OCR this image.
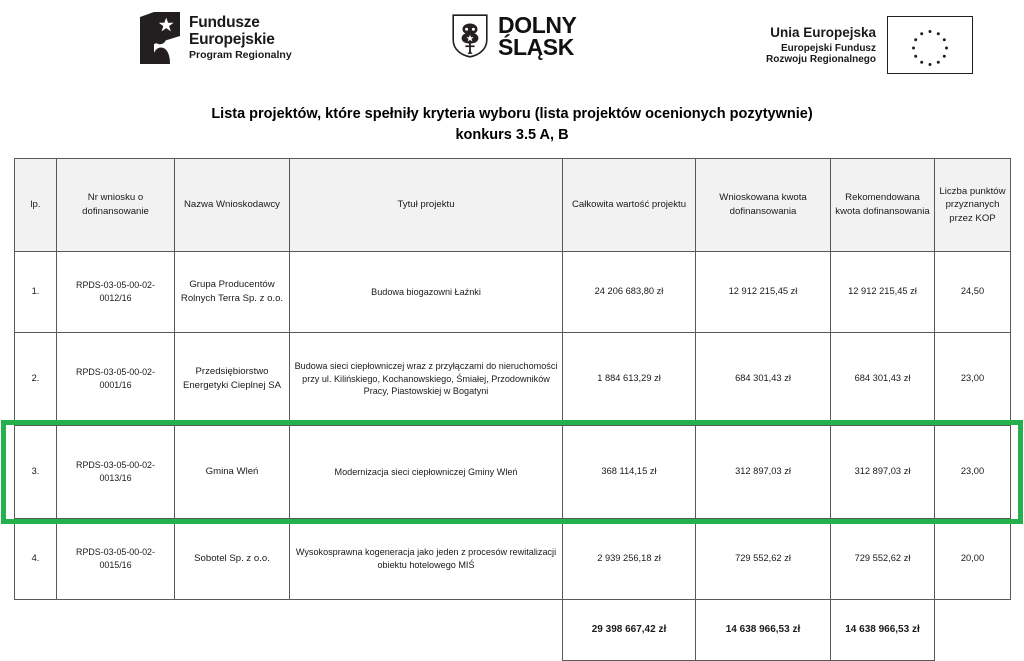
Fundusze
Europejskie
Program Regionalny
DOLNY
ŚLĄSK
Unia Europejska
Europejski Fundusz
Rozwoju Regionalnego
Lista projektów, które spełniły kryteria wyboru (lista projektów ocenionych pozytywnie)
konkurs 3.5 A, B
lp.	Nr wniosku o dofinansowanie	Nazwa Wnioskodawcy	Tytuł projektu	Całkowita wartość projektu	Wnioskowana kwota dofinansowania	Rekomendowana kwota dofinansowania	Liczba punktów przyznanych przez KOP
1.	RPDS-03-05-00-02-0012/16	Grupa Producentów Rolnych Terra Sp. z o.o.	Budowa biogazowni Łaźnki	24 206 683,80 zł	12 912 215,45 zł	12 912 215,45 zł	24,50
2.	RPDS-03-05-00-02-0001/16	Przedsiębiorstwo Energetyki Cieplnej SA	Budowa sieci ciepłowniczej wraz z przyłączami do nieruchomości przy ul. Kilińskiego, Kochanowskiego, Śmiałej, Przodowników Pracy, Piastowskiej w Bogatyni	1 884 613,29 zł	684 301,43 zł	684 301,43 zł	23,00
3.	RPDS-03-05-00-02-0013/16	Gmina Wleń	Modernizacja sieci ciepłowniczej Gminy Wleń	368 114,15 zł	312 897,03 zł	312 897,03 zł	23,00
4.	RPDS-03-05-00-02-0015/16	Sobotel Sp. z o.o.	Wysokosprawna kogeneracja jako jeden z procesów rewitalizacji obiektu hotelowego MIŚ	2 939 256,18 zł	729 552,62 zł	729 552,62 zł	20,00
				29 398 667,42 zł	14 638 966,53 zł	14 638 966,53 zł	
